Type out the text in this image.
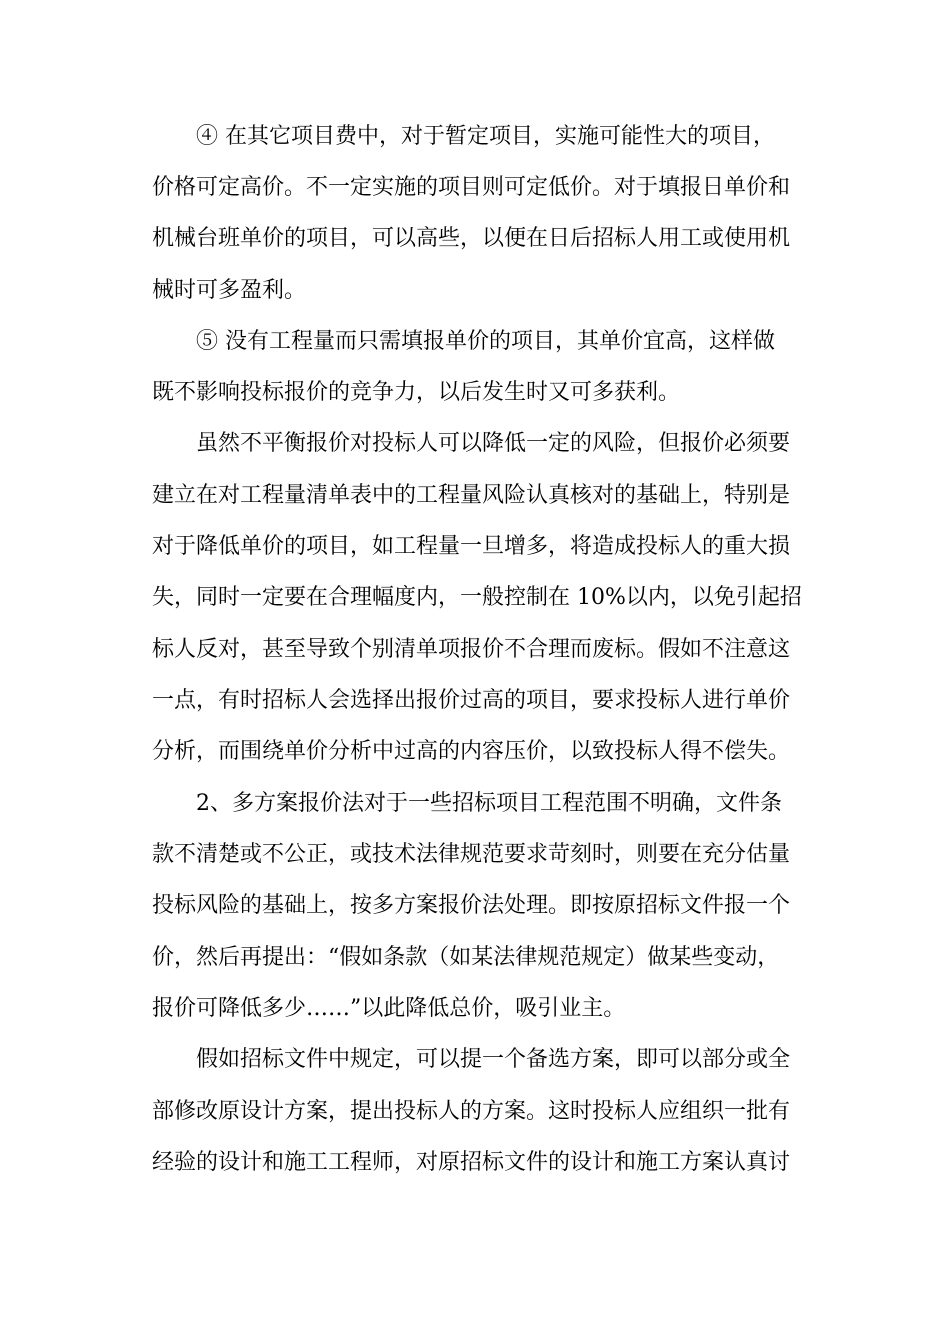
④ 在其它项目费中，对于暂定项目，实施可能性大的项目，
价格可定高价。不一定实施的项目则可定低价。对于填报日单价和
机械台班单价的项目，可以高些，以便在日后招标人用工或使用机
械时可多盈利。
⑤ 没有工程量而只需填报单价的项目，其单价宜高，这样做
既不影响投标报价的竞争力，以后发生时又可多获利。
虽然不平衡报价对投标人可以降低一定的风险，但报价必须要
建立在对工程量清单表中的工程量风险认真核对的基础上，特别是
对于降低单价的项目，如工程量一旦增多，将造成投标人的重大损
失，同时一定要在合理幅度内，一般控制在 10%以内，以免引起招
标人反对，甚至导致个别清单项报价不合理而废标。假如不注意这
一点，有时招标人会选择出报价过高的项目，要求投标人进行单价
分析，而围绕单价分析中过高的内容压价，以致投标人得不偿失。
2、多方案报价法对于一些招标项目工程范围不明确，文件条
款不清楚或不公正，或技术法律规范要求苛刻时，则要在充分估量
投标风险的基础上，按多方案报价法处理。即按原招标文件报一个
价，然后再提出：“假如条款（如某法律规范规定）做某些变动，
报价可降低多少……”以此降低总价，吸引业主。
假如招标文件中规定，可以提一个备选方案，即可以部分或全
部修改原设计方案，提出投标人的方案。这时投标人应组织一批有
经验的设计和施工工程师，对原招标文件的设计和施工方案认真讨
